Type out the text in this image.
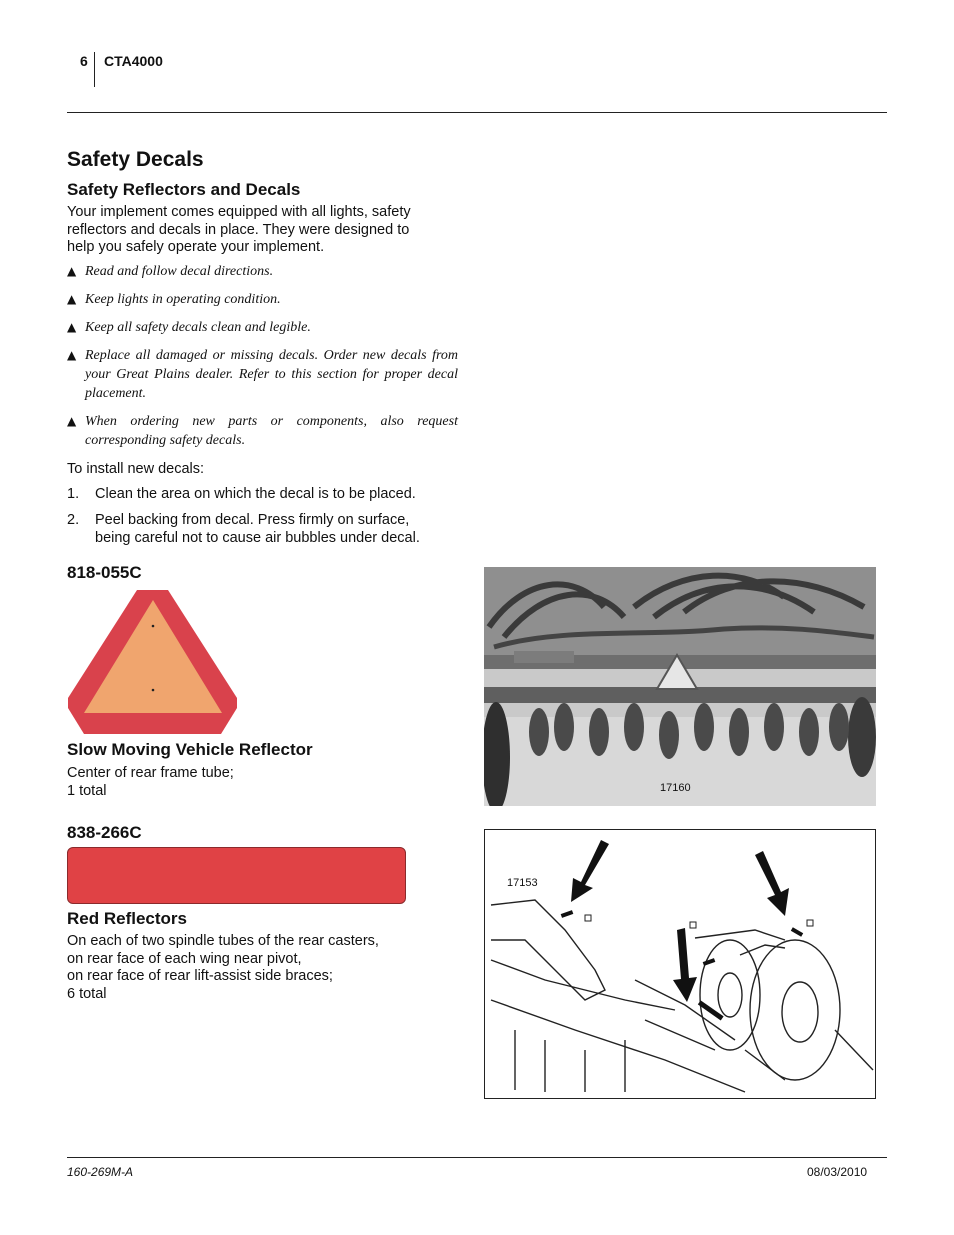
6 CTA4000
Safety Decals
Safety Reflectors and Decals
Your implement comes equipped with all lights, safety
reflectors and decals in place. They were designed to
help you safely operate your implement.
▲ Read and follow decal directions.
▲ Keep lights in operating condition.
▲ Keep all safety decals clean and legible.
▲ Replace all damaged or missing decals. Order new decals from your Great Plains dealer. Refer to this section for proper decal placement.
▲ When ordering new parts or components, also request corresponding safety decals.
To install new decals:
1.	Clean the area on which the decal is to be placed.
2. Peel backing from decal. Press firmly on surface,
being careful not to cause air bubbles under decal.
818-055C
Slow Moving Vehicle Reflector
Center of rear frame tube;
1 total
838-266C
Red Reflectors
On each of two spindle tubes of the rear casters,
on rear face of each wing near pivot,
on rear face of rear lift-assist side braces;
6 total
17160
17153
160-269M-A	08/03/2010
